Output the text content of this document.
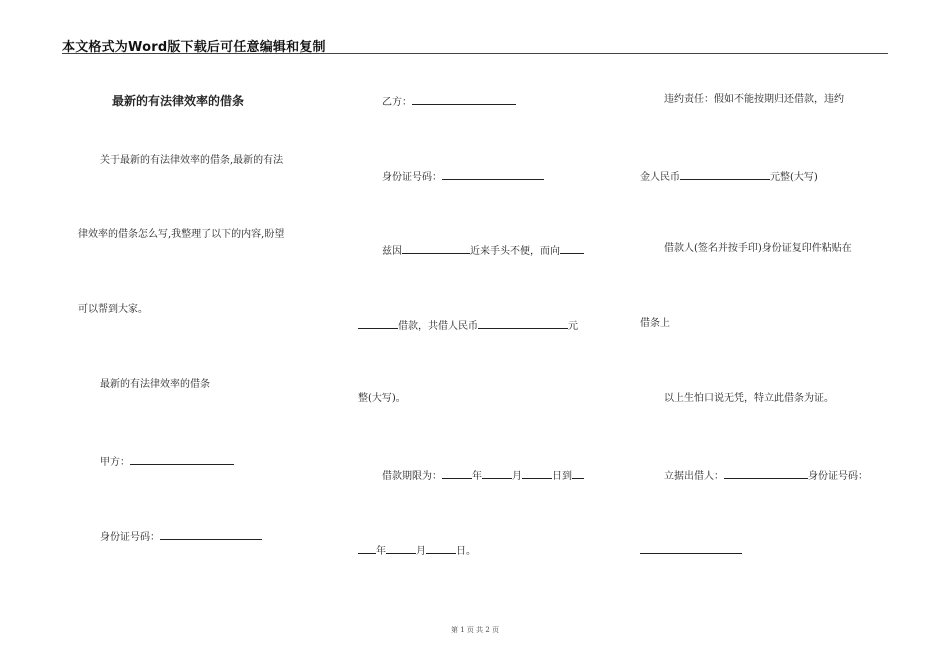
本文格式为Word版下载后可任意编辑和复制
最新的有法律效率的借条
关于最新的有法律效率的借条,最新的有法
律效率的借条怎么写,我整理了以下的内容,盼望
可以帮到大家。
最新的有法律效率的借条
甲方：
身份证号码：
乙方：
身份证号码：
兹因	近来手头不便，而向
借款，共借人民币	元
整(大写)。
借款期限为：	年	月	日到
年	月	日。
违约责任：假如不能按期归还借款，违约
金人民币	元整(大写)
借款人(签名并按手印)身份证复印件粘贴在
借条上
以上生怕口说无凭，特立此借条为证。
立据出借人：	身份证号码：
第 1 页 共 2 页
